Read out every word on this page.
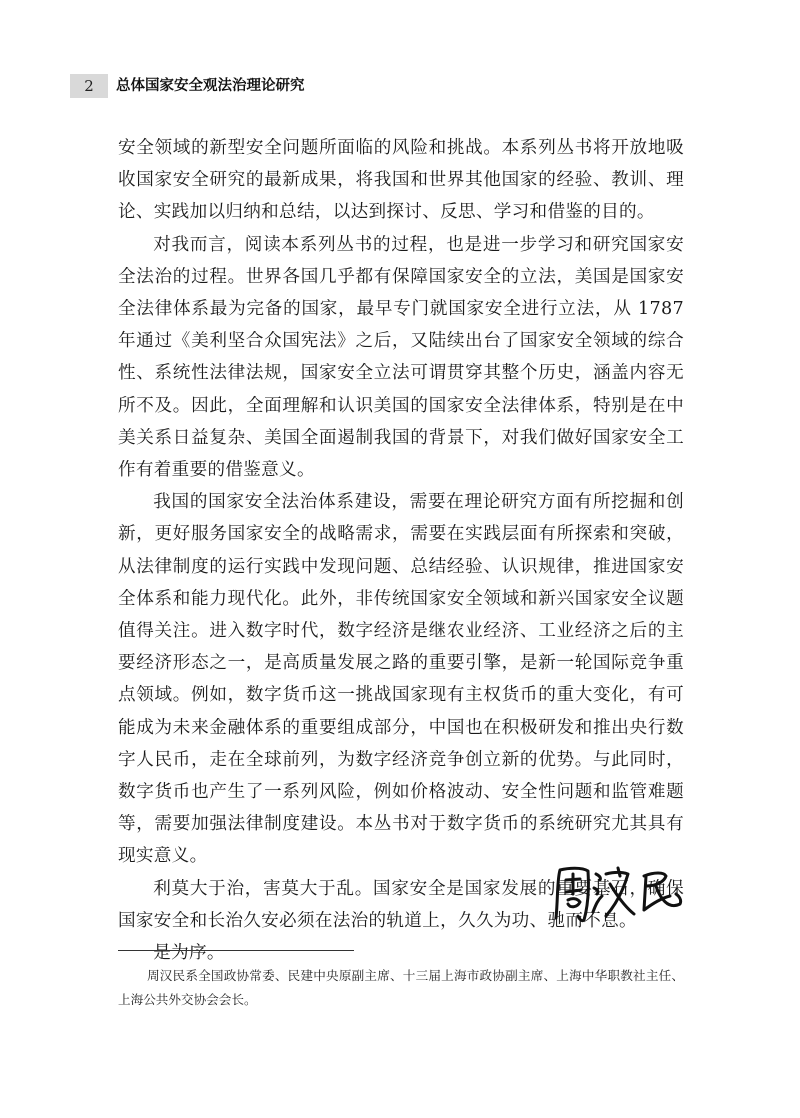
2	总体国家安全观法治理论研究

安全领域的新型安全问题所面临的风险和挑战。本系列丛书将开放地吸收国家安全研究的最新成果，将我国和世界其他国家的经验、教训、理论、实践加以归纳和总结，以达到探讨、反思、学习和借鉴的目的。

对我而言，阅读本系列丛书的过程，也是进一步学习和研究国家安全法治的过程。世界各国几乎都有保障国家安全的立法，美国是国家安全法律体系最为完备的国家，最早专门就国家安全进行立法，从 1787 年通过《美利坚合众国宪法》之后，又陆续出台了国家安全领域的综合性、系统性法律法规，国家安全立法可谓贯穿其整个历史，涵盖内容无所不及。因此，全面理解和认识美国的国家安全法律体系，特别是在中美关系日益复杂、美国全面遏制我国的背景下，对我们做好国家安全工作有着重要的借鉴意义。

我国的国家安全法治体系建设，需要在理论研究方面有所挖掘和创新，更好服务国家安全的战略需求，需要在实践层面有所探索和突破，从法律制度的运行实践中发现问题、总结经验、认识规律，推进国家安全体系和能力现代化。此外，非传统国家安全领域和新兴国家安全议题值得关注。进入数字时代，数字经济是继农业经济、工业经济之后的主要经济形态之一，是高质量发展之路的重要引擎，是新一轮国际竞争重点领域。例如，数字货币这一挑战国家现有主权货币的重大变化，有可能成为未来金融体系的重要组成部分，中国也在积极研发和推出央行数字人民币，走在全球前列，为数字经济竞争创立新的优势。与此同时，数字货币也产生了一系列风险，例如价格波动、安全性问题和监管难题等，需要加强法律制度建设。本丛书对于数字货币的系统研究尤其具有现实意义。

利莫大于治，害莫大于乱。国家安全是国家发展的重要基石，确保国家安全和长治久安必须在法治的轨道上，久久为功、驰而不息。

是为序。

周汉民系全国政协常委、民建中央原副主席、十三届上海市政协副主席、上海中华职教社主任、上海公共外交协会会长。
